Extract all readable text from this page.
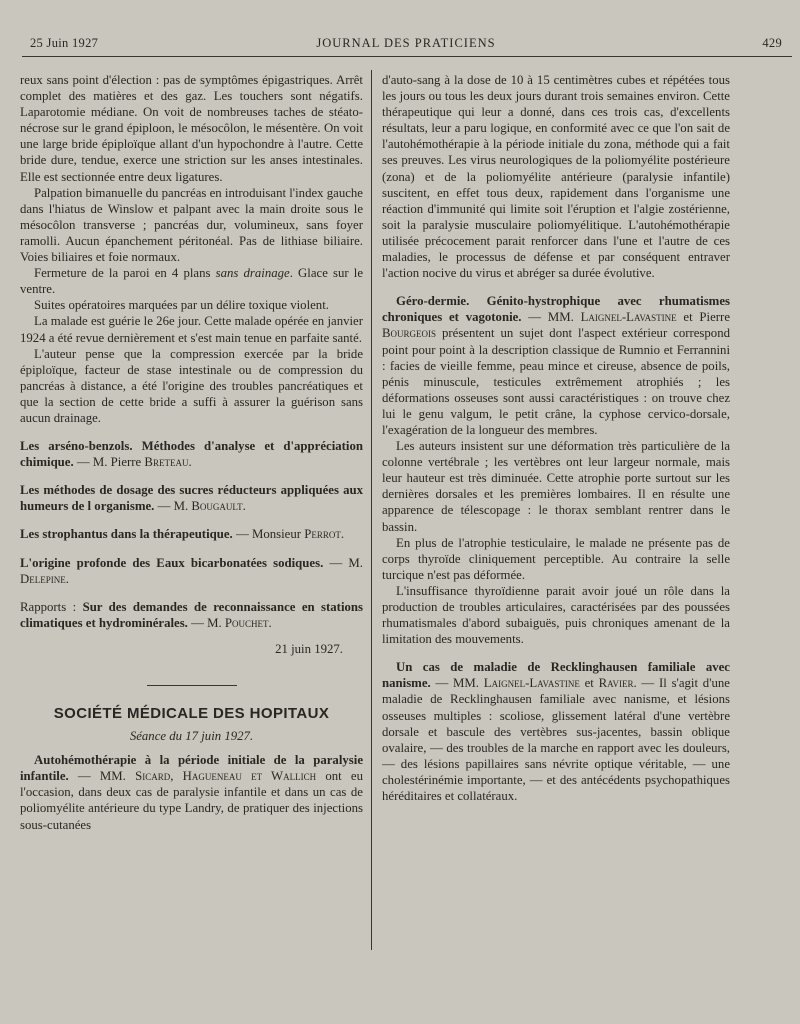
25 Juin 1927	JOURNAL DES PRATICIENS	429

reux sans point d'élection : pas de symptômes épigastriques. Arrêt complet des matières et des gaz. Les touchers sont négatifs. Laparotomie médiane. On voit de nombreuses taches de stéato-nécrose sur le grand épiploon, le mésocôlon, le mésentère. On voit une large bride épiploïque allant d'un hypochondre à l'autre. Cette bride dure, tendue, exerce une striction sur les anses intestinales. Elle est sectionnée entre deux ligatures.

Palpation bimanuelle du pancréas en introduisant l'index gauche dans l'hiatus de Winslow et palpant avec la main droite sous le mésocôlon transverse ; pancréas dur, volumineux, sans foyer ramolli. Aucun épanchement péritonéal. Pas de lithiase biliaire. Voies biliaires et foie normaux.

Fermeture de la paroi en 4 plans sans drainage. Glace sur le ventre.

Suites opératoires marquées par un délire toxique violent.

La malade est guérie le 26e jour. Cette malade opérée en janvier 1924 a été revue dernièrement et s'est main tenue en parfaite santé.

L'auteur pense que la compression exercée par la bride épiploïque, facteur de stase intestinale ou de compression du pancréas à distance, a été l'origine des troubles pancréatiques et que la section de cette bride a suffi à assurer la guérison sans aucun drainage.

Les arséno-benzols. Méthodes d'analyse et d'appréciation chimique. — M. Pierre Breteau.

Les méthodes de dosage des sucres réducteurs appliquées aux humeurs de l organisme. — M. Bougault.

Les strophantus dans la thérapeutique. — Monsieur Perrot.

L'origine profonde des Eaux bicarbonatées sodiques. — M. Delepine.

Rapports : Sur des demandes de reconnaissance en stations climatiques et hydrominérales. — M. Pouchet.

21 juin 1927.

SOCIÉTÉ MÉDICALE DES HOPITAUX

Séance du 17 juin 1927.

Autohémothérapie à la période initiale de la paralysie infantile. — MM. Sicard, Hagueneau et Wallich ont eu l'occasion, dans deux cas de paralysie infantile et dans un cas de poliomyélite antérieure du type Landry, de pratiquer des injections sous-cutanées

d'auto-sang à la dose de 10 à 15 centimètres cubes et répétées tous les jours ou tous les deux jours durant trois semaines environ. Cette thérapeutique qui leur a donné, dans ces trois cas, d'excellents résultats, leur a paru logique, en conformité avec ce que l'on sait de l'autohémothérapie à la période initiale du zona, méthode qui a fait ses preuves. Les virus neurologiques de la poliomyélite postérieure (zona) et de la poliomyélite antérieure (paralysie infantile) suscitent, en effet tous deux, rapidement dans l'organisme une réaction d'immunité qui limite soit l'éruption et l'algie zostérienne, soit la paralysie musculaire poliomyélitique. L'autohémothérapie utilisée précocement parait renforcer dans l'une et l'autre de ces maladies, le processus de défense et par conséquent entraver l'action nocive du virus et abréger sa durée évolutive.

Géro-dermie. Génito-hystrophique avec rhumatismes chroniques et vagotonie. — MM. Laignel-Lavastine et Pierre Bourgeois présentent un sujet dont l'aspect extérieur correspond point pour point à la description classique de Rumnio et Ferrannini : facies de vieille femme, peau mince et cireuse, absence de poils, pénis minuscule, testicules extrêmement atrophiés ; les déformations osseuses sont aussi caractéristiques : on trouve chez lui le genu valgum, le petit crâne, la cyphose cervico-dorsale, l'exagération de la longueur des membres.

Les auteurs insistent sur une déformation très particulière de la colonne vertébrale ; les vertèbres ont leur largeur normale, mais leur hauteur est très diminuée. Cette atrophie porte surtout sur les dernières dorsales et les premières lombaires. Il en résulte une apparence de télescopage : le thorax semblant rentrer dans le bassin.

En plus de l'atrophie testiculaire, le malade ne présente pas de corps thyroïde cliniquement perceptible. Au contraire la selle turcique n'est pas déformée.

L'insuffisance thyroïdienne parait avoir joué un rôle dans la production de troubles articulaires, caractérisées par des poussées rhumatismales d'abord subaiguës, puis chroniques amenant de la limitation des mouvements.

Un cas de maladie de Recklinghausen familiale avec nanisme. — MM. Laignel-Lavastine et Ravier. — Il s'agit d'une maladie de Recklinghausen familiale avec nanisme, et lésions osseuses multiples : scoliose, glissement latéral d'une vertèbre dorsale et bascule des vertèbres sus-jacentes, bassin oblique ovalaire, — des troubles de la marche en rapport avec les douleurs, — des lésions papillaires sans névrite optique véritable, — une cholestérinémie importante, — et des antécédents psychopathiques héréditaires et collatéraux.
